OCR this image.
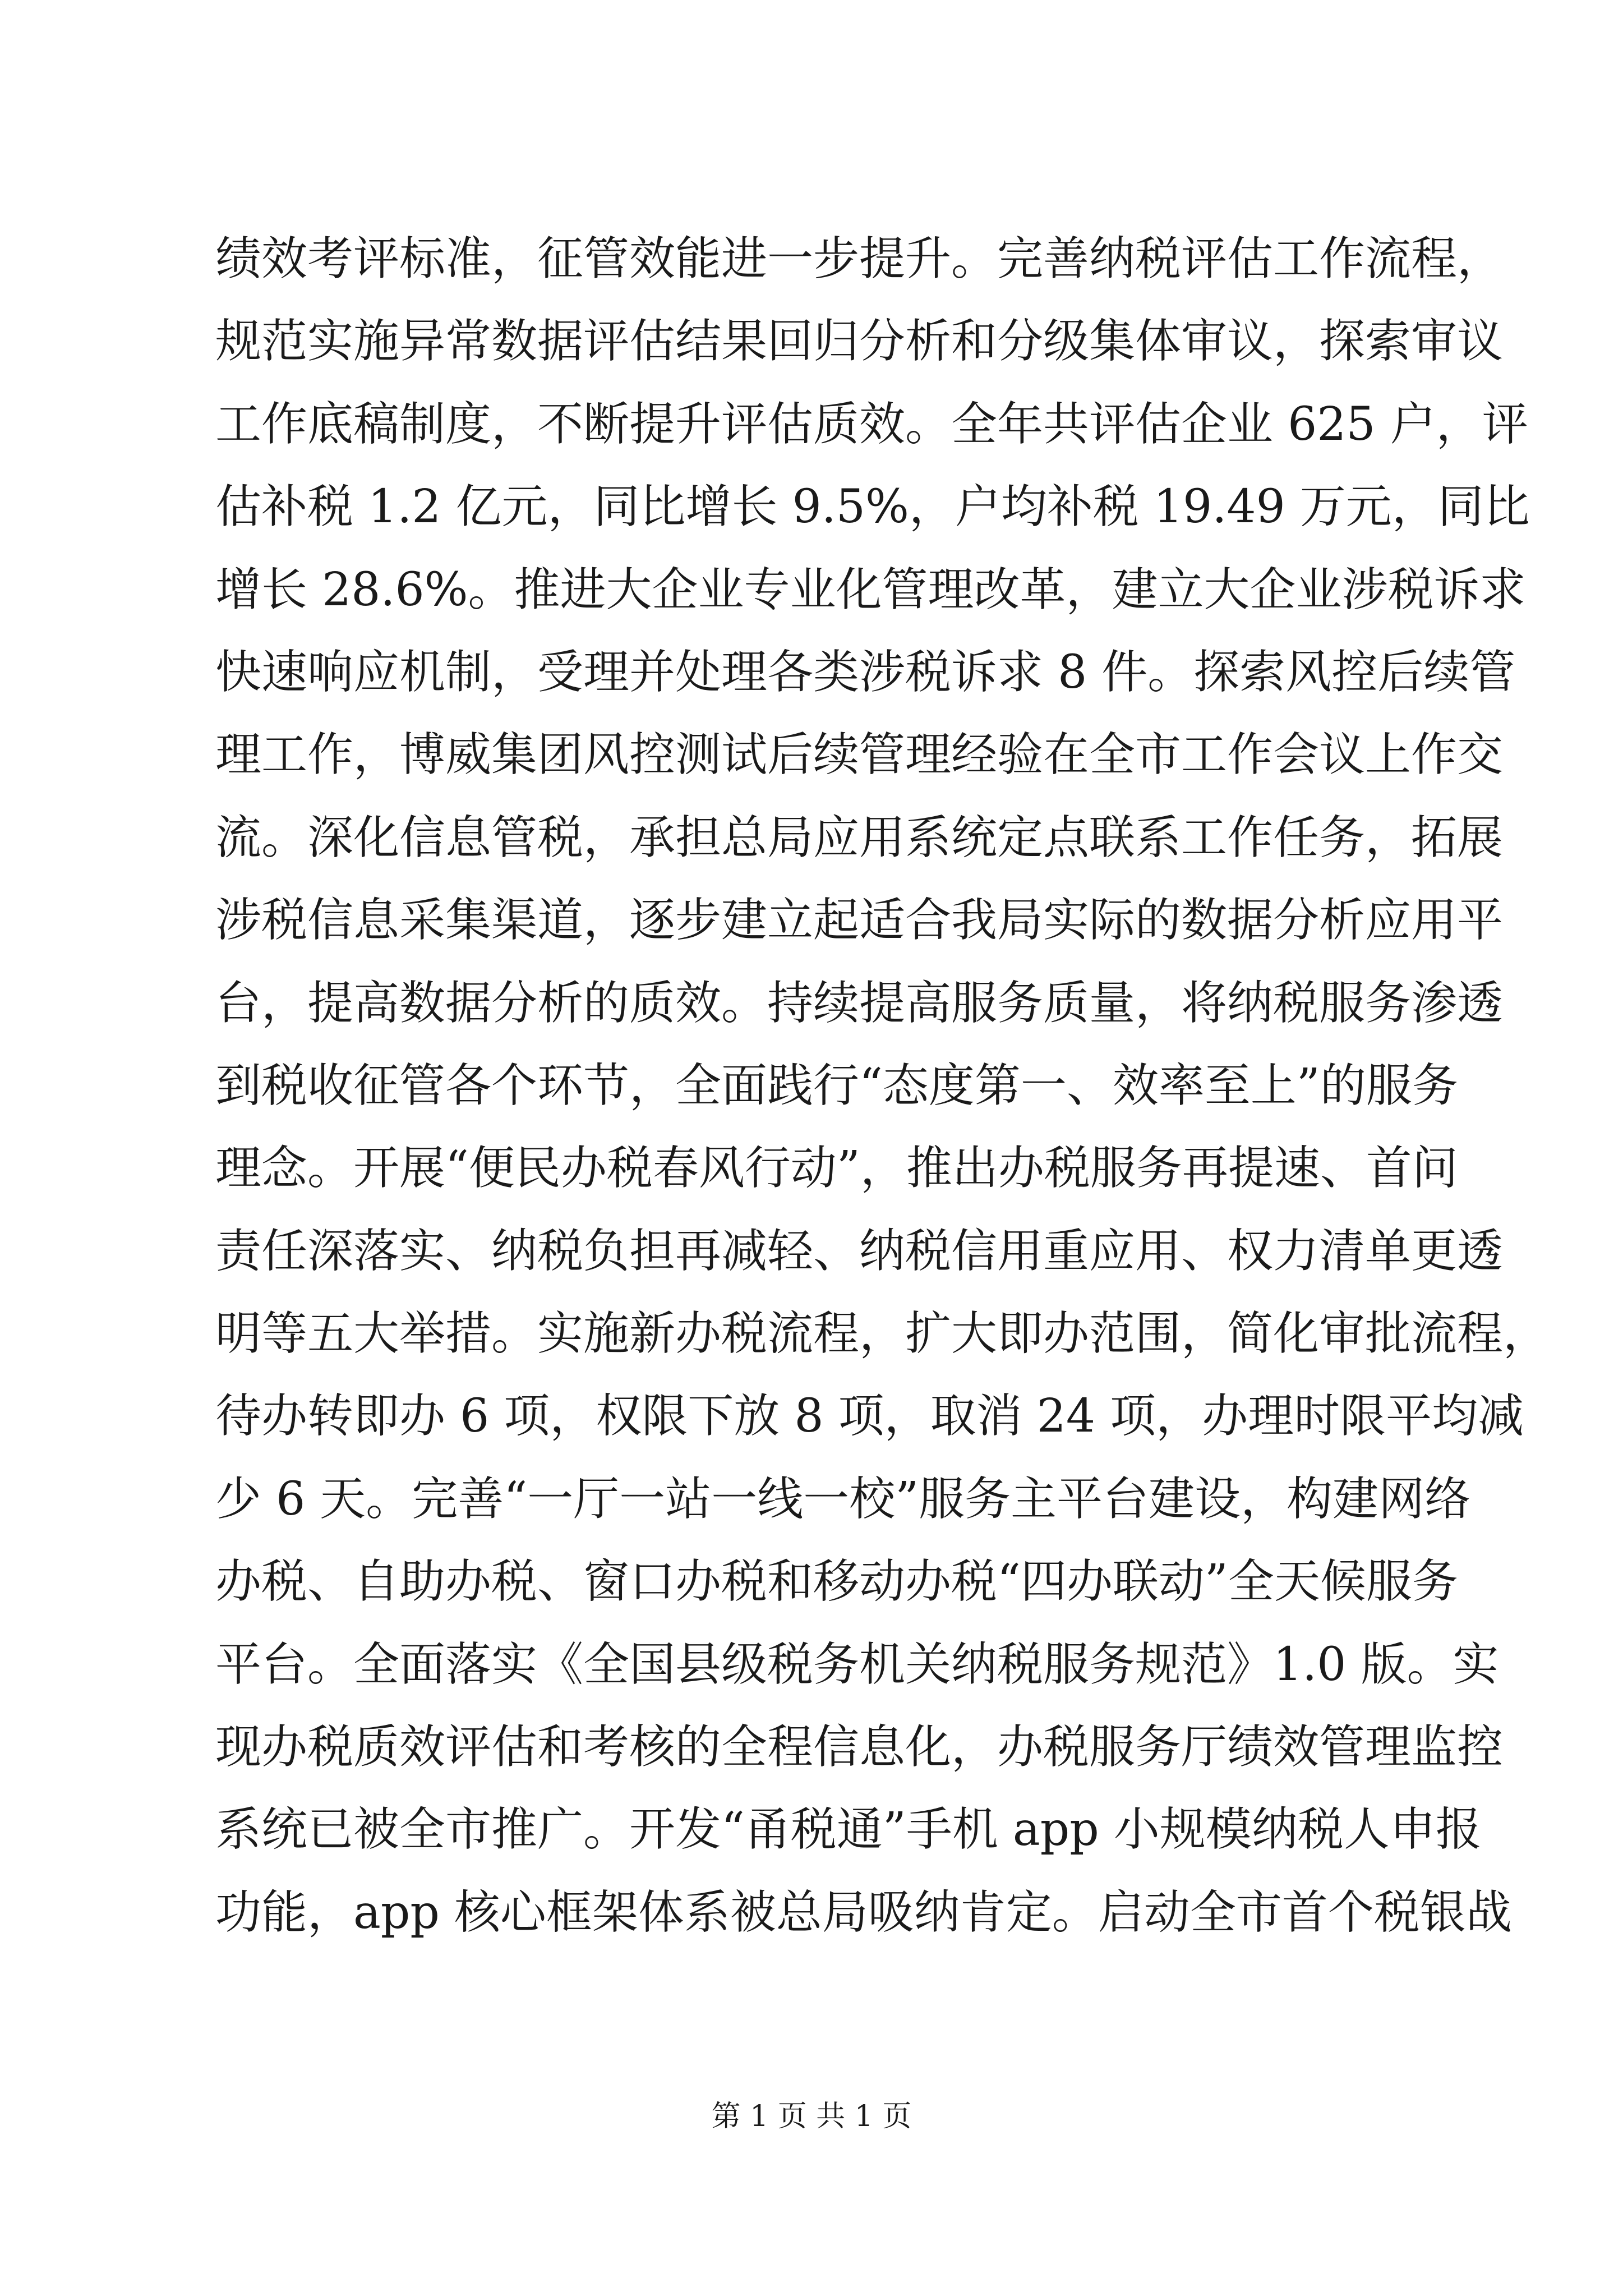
绩效考评标准，征管效能进一步提升。完善纳税评估工作流程，
规范实施异常数据评估结果回归分析和分级集体审议，探索审议
工作底稿制度，不断提升评估质效。全年共评估企业 625 户，评
估补税 1.2 亿元，同比增长 9.5%，户均补税 19.49 万元，同比
增长 28.6%。推进大企业专业化管理改革，建立大企业涉税诉求
快速响应机制，受理并处理各类涉税诉求 8 件。探索风控后续管
理工作，博威集团风控测试后续管理经验在全市工作会议上作交
流。深化信息管税，承担总局应用系统定点联系工作任务，拓展
涉税信息采集渠道，逐步建立起适合我局实际的数据分析应用平
台，提高数据分析的质效。持续提高服务质量，将纳税服务渗透
到税收征管各个环节，全面践行“态度第一、效率至上”的服务
理念。开展“便民办税春风行动”，推出办税服务再提速、首问
责任深落实、纳税负担再减轻、纳税信用重应用、权力清单更透
明等五大举措。实施新办税流程，扩大即办范围，简化审批流程，
待办转即办 6 项，权限下放 8 项，取消 24 项，办理时限平均减
少 6 天。完善“一厅一站一线一校”服务主平台建设，构建网络
办税、自助办税、窗口办税和移动办税“四办联动”全天候服务
平台。全面落实《全国县级税务机关纳税服务规范》1.0 版。实
现办税质效评估和考核的全程信息化，办税服务厅绩效管理监控
系统已被全市推广。开发“甬税通”手机 app 小规模纳税人申报
功能，app 核心框架体系被总局吸纳肯定。启动全市首个税银战

第 1 页 共 1 页
